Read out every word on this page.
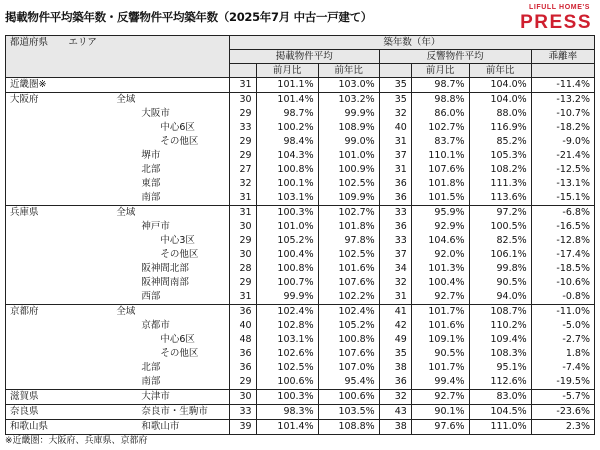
掲載物件平均築年数・反響物件平均築年数（2025年7月 中古一戸建て）
LIFULL HOME'S
PRESS
都道府県	エリア	築年数（年）						
		掲載物件平均			反響物件平均			乖離率
			前月比	前年比		前月比	前年比	
近畿圏※		31	101.1%	103.0%	35	98.7%	104.0%	-11.4%
大阪府	全域	30	101.4%	103.2%	35	98.8%	104.0%	-13.2%
	大阪市	29	98.7%	99.9%	32	86.0%	88.0%	-10.7%
	中心6区	33	100.2%	108.9%	40	102.7%	116.9%	-18.2%
	その他区	29	98.4%	99.0%	31	83.7%	85.2%	-9.0%
	堺市	29	104.3%	101.0%	37	110.1%	105.3%	-21.4%
	北部	27	100.8%	100.9%	31	107.6%	108.2%	-12.5%
	東部	32	100.1%	102.5%	36	101.8%	111.3%	-13.1%
	南部	31	103.1%	109.9%	36	101.5%	113.6%	-15.1%
兵庫県	全域	31	100.3%	102.7%	33	95.9%	97.2%	-6.8%
	神戸市	30	101.0%	101.8%	36	92.9%	100.5%	-16.5%
	中心3区	29	105.2%	97.8%	33	104.6%	82.5%	-12.8%
	その他区	30	100.4%	102.5%	37	92.0%	106.1%	-17.4%
	阪神間北部	28	100.8%	101.6%	34	101.3%	99.8%	-18.5%
	阪神間南部	29	100.7%	107.6%	32	100.4%	90.5%	-10.6%
	西部	31	99.9%	102.2%	31	92.7%	94.0%	-0.8%
京都府	全域	36	102.4%	102.4%	41	101.7%	108.7%	-11.0%
	京都市	40	102.8%	105.2%	42	101.6%	110.2%	-5.0%
	中心6区	48	103.1%	100.8%	49	109.1%	109.4%	-2.7%
	その他区	36	102.6%	107.6%	35	90.5%	108.3%	1.8%
	北部	36	102.5%	107.0%	38	101.7%	95.1%	-7.4%
	南部	29	100.6%	95.4%	36	99.4%	112.6%	-19.5%
滋賀県	大津市	30	100.3%	100.6%	32	92.7%	83.0%	-5.7%
奈良県	奈良市・生駒市	33	98.3%	103.5%	43	90.1%	104.5%	-23.6%
和歌山県	和歌山市	39	101.4%	108.8%	38	97.6%	111.0%	2.3%
※近畿圏：大阪府、兵庫県、京都府
